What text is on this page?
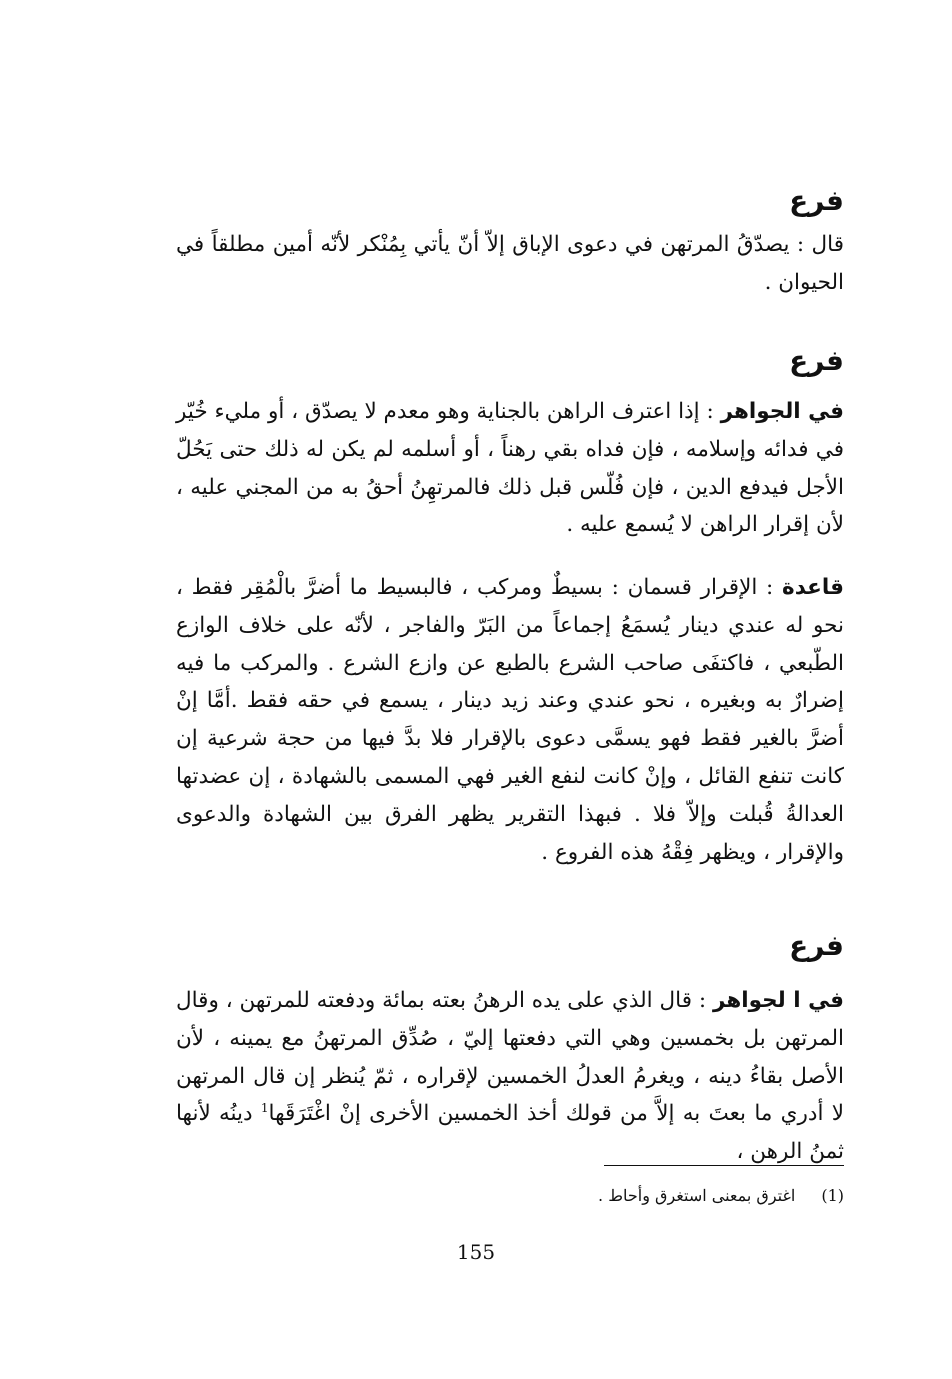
فرع

قال : يصدّقُ المرتهن في دعوى الإباق إلاّ أنّ يأتي بِمُنْكر لأنّه أمين مطلقاً في الحيوان .

فرع

في الجواهر : إذا اعترف الراهن بالجناية وهو معدم لا يصدّق ، أو مليء خُيّر في فدائه وإسلامه ، فإن فداه بقي رهناً ، أو أسلمه لم يكن له ذلك حتى يَحُلّ الأجل فيدفع الدين ، فإن فُلّس قبل ذلك فالمرتهِنُ أحقُ به من المجني عليه ، لأن إقرار الراهن لا يُسمع عليه .

قاعدة : الإقرار قسمان : بسيطٌ ومركب ، فالبسيط ما أضرَّ بالْمُقِر فقط ، نحو له عندي دينار يُسمَعُ إجماعاً من البَرّ والفاجر ، لأنّه على خلاف الوازع الطّبعي ، فاكتفَى صاحب الشرع بالطبع عن وازع الشرع . والمركب ما فيه إضرارٌ به وبغيره ، نحو عندي وعند زيد دينار ، يسمع في حقه فقط .أمَّا إنْ أضرَّ بالغير فقط فهو يسمَّى دعوى بالإقرار فلا بدَّ فيها من حجة شرعية إن كانت تنفع القائل ، وإنْ كانت لنفع الغير فهي المسمى بالشهادة ، إن عضدتها العدالةُ قُبلت وإلاّ فلا . فبهذا التقرير يظهر الفرق بين الشهادة والدعوى والإقرار ، ويظهر فِقْهُ هذه الفروع .

فرع

في ا لجواهر : قال الذي على يده الرهنُ بعته بمائة ودفعته للمرتهن ، وقال المرتهن بل بخمسين وهي التي دفعتها إليّ ، صُدِّق المرتهنُ مع يمينه ، لأن الأصل بقاءُ دينه ، ويغرمُ العدلُ الخمسين لإقراره ، ثمّ يُنظر إن قال المرتهن لا أدري ما بعتَ به إلاَّ من قولك أخذ الخمسين الأخرى إنْ اغْتَرَقَها$^1$ دينُه لأنها ثمنُ الرهن ،

(1)اغترق بمعنى استغرق وأحاط .

155
